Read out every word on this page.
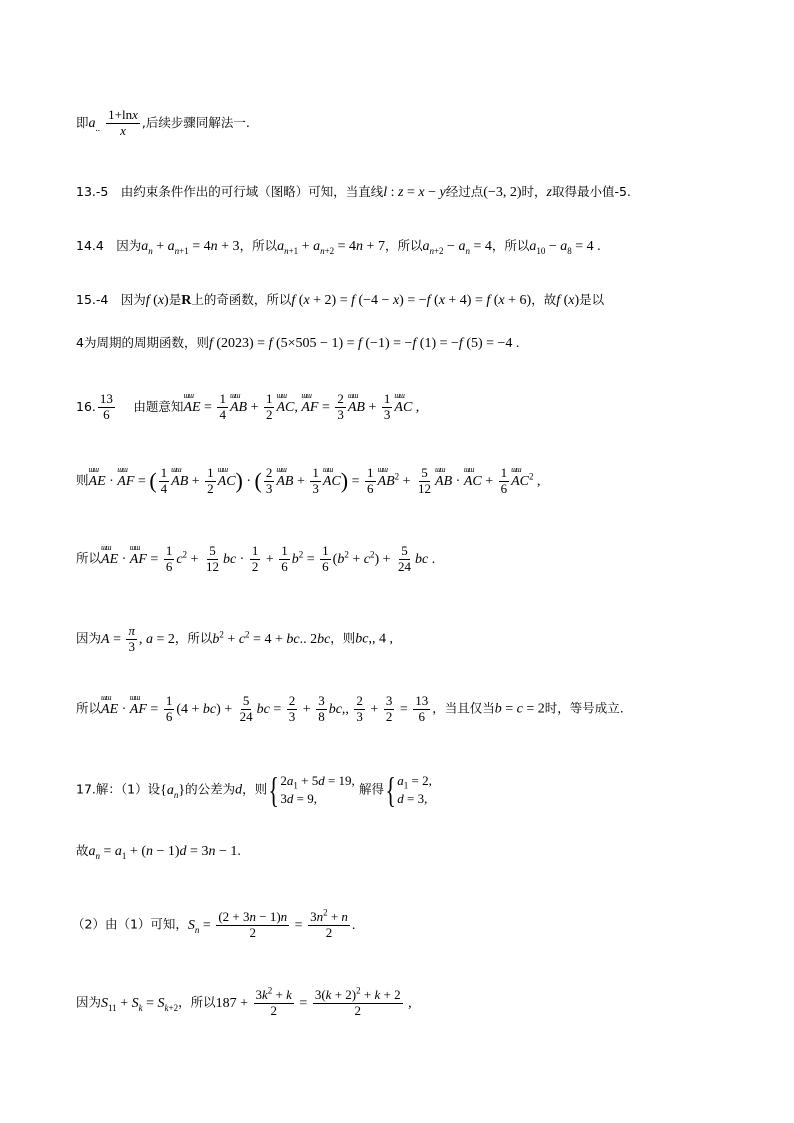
即$a_{..} \frac{1+\ln x}{x}$ ,后续步骤同解法一.
13.-5 由约束条件作出的可行域（图略）可知，当直线l : z = x − y经过点(−3, 2)时，z取得最小值-5.
14.4 因为$a_n + a_{n+1} = 4n + 3$，所以$a_{n+1} + a_{n+2} = 4n + 7$，所以$a_{n+2} - a_n = 4$，所以$a_{10} - a_8 = 4$ .
15.-4 因为f (x)是R上的奇函数，所以f (x + 2) = f (−4 − x) = −f (x + 4) = f (x + 6)，故f (x)是以
4为周期的周期函数，则f (2023) = f (5×505 − 1) = f (−1) = −f (1) = −f (5) = −4 .
16. $\frac{13}{6}$ 由题意知ɯɯ AE = $\frac{1}{4}$ ɯɯ AB + $\frac{1}{2}$ ɯɯ AC, ɯɯ AF = $\frac{2}{3}$ ɯɯ AB + $\frac{1}{3}$ ɯɯ AC ,
则ɯɯ AE · ɯɯ AF = ( $\frac{1}{4}$ ɯɯ AB + $\frac{1}{2}$ ɯɯ AC) · ( $\frac{2}{3}$ ɯɯ AB + $\frac{1}{3}$ ɯɯ $AC) = \frac{1}{6}$ ɯɯ $AB^2 + \frac{5}{12}$ ɯɯ AB · ɯɯ AC + $\frac{1}{6}$ ɯɯ $AC^2$ ,
所以ɯɯ AE · ɯɯ AF = $\frac{1}{6} c^2 + \frac{5}{12}$ bc · $\frac{1}{2} + \frac{1}{6} b^2 = \frac{1}{6} (b^2 + c^2) + \frac{5}{24}$ bc .
因为$A = \frac{\pi}{3}$ , a = 2，所以$b^2 + c^2 = 4$ + bc.. 2bc，则bc,, 4 ,
所以ɯɯ AE · ɯɯ AF = $\frac{1}{6} (4 + bc) + \frac{5}{24}$ bc = $\frac{2}{3} + \frac{3}{8}$ bc,, $\frac{2}{3} + \frac{3}{2} = \frac{13}{6}$ ，当且仅当b = c = 2时，等号成立.
17.解：（1）设$\{a_n\}$的公差为d，则{ $2a_1 + 5d = 19$,
3d = 9,
解得{ $a_1 = 2$,
d = 3,
故$a_n = a_1 + (n - 1)d = 3n - 1$.
（2）由（1）可知，$S_n = \frac{(2 + 3n - 1)n}{2} = \frac{3n^2 + n}{2}$ .
因为$S_{11} + S_k = S_{k+2}$，所以$187 + \frac{3k^2 + k}{2} = \frac{3(k + 2)^2 + k + 2}{2}$ ,
